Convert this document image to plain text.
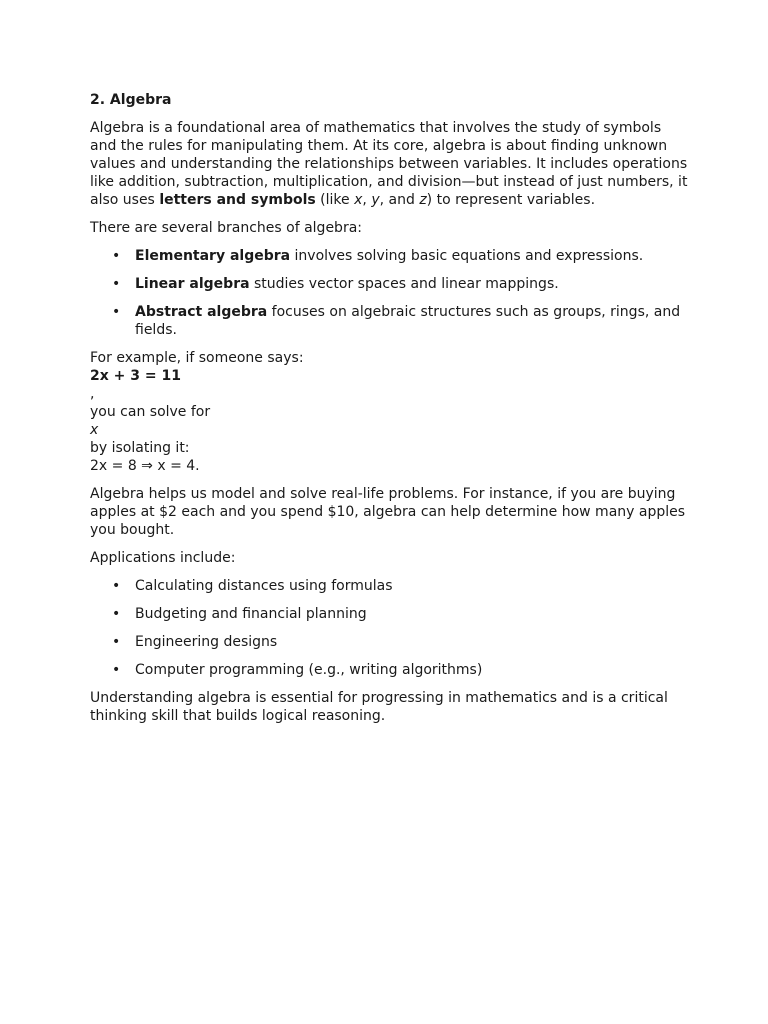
2. Algebra

Algebra is a foundational area of mathematics that involves the study of symbols and the rules for manipulating them. At its core, algebra is about finding unknown values and understanding the relationships between variables. It includes operations like addition, subtraction, multiplication, and division—but instead of just numbers, it also uses letters and symbols (like x, y, and z) to represent variables.

There are several branches of algebra:

• Elementary algebra involves solving basic equations and expressions.
• Linear algebra studies vector spaces and linear mappings.
• Abstract algebra focuses on algebraic structures such as groups, rings, and fields.

For example, if someone says:
2x + 3 = 11
,
you can solve for
x
by isolating it:
2x = 8 ⇒ x = 4.

Algebra helps us model and solve real-life problems. For instance, if you are buying apples at $2 each and you spend $10, algebra can help determine how many apples you bought.

Applications include:

• Calculating distances using formulas
• Budgeting and financial planning
• Engineering designs
• Computer programming (e.g., writing algorithms)

Understanding algebra is essential for progressing in mathematics and is a critical thinking skill that builds logical reasoning.
